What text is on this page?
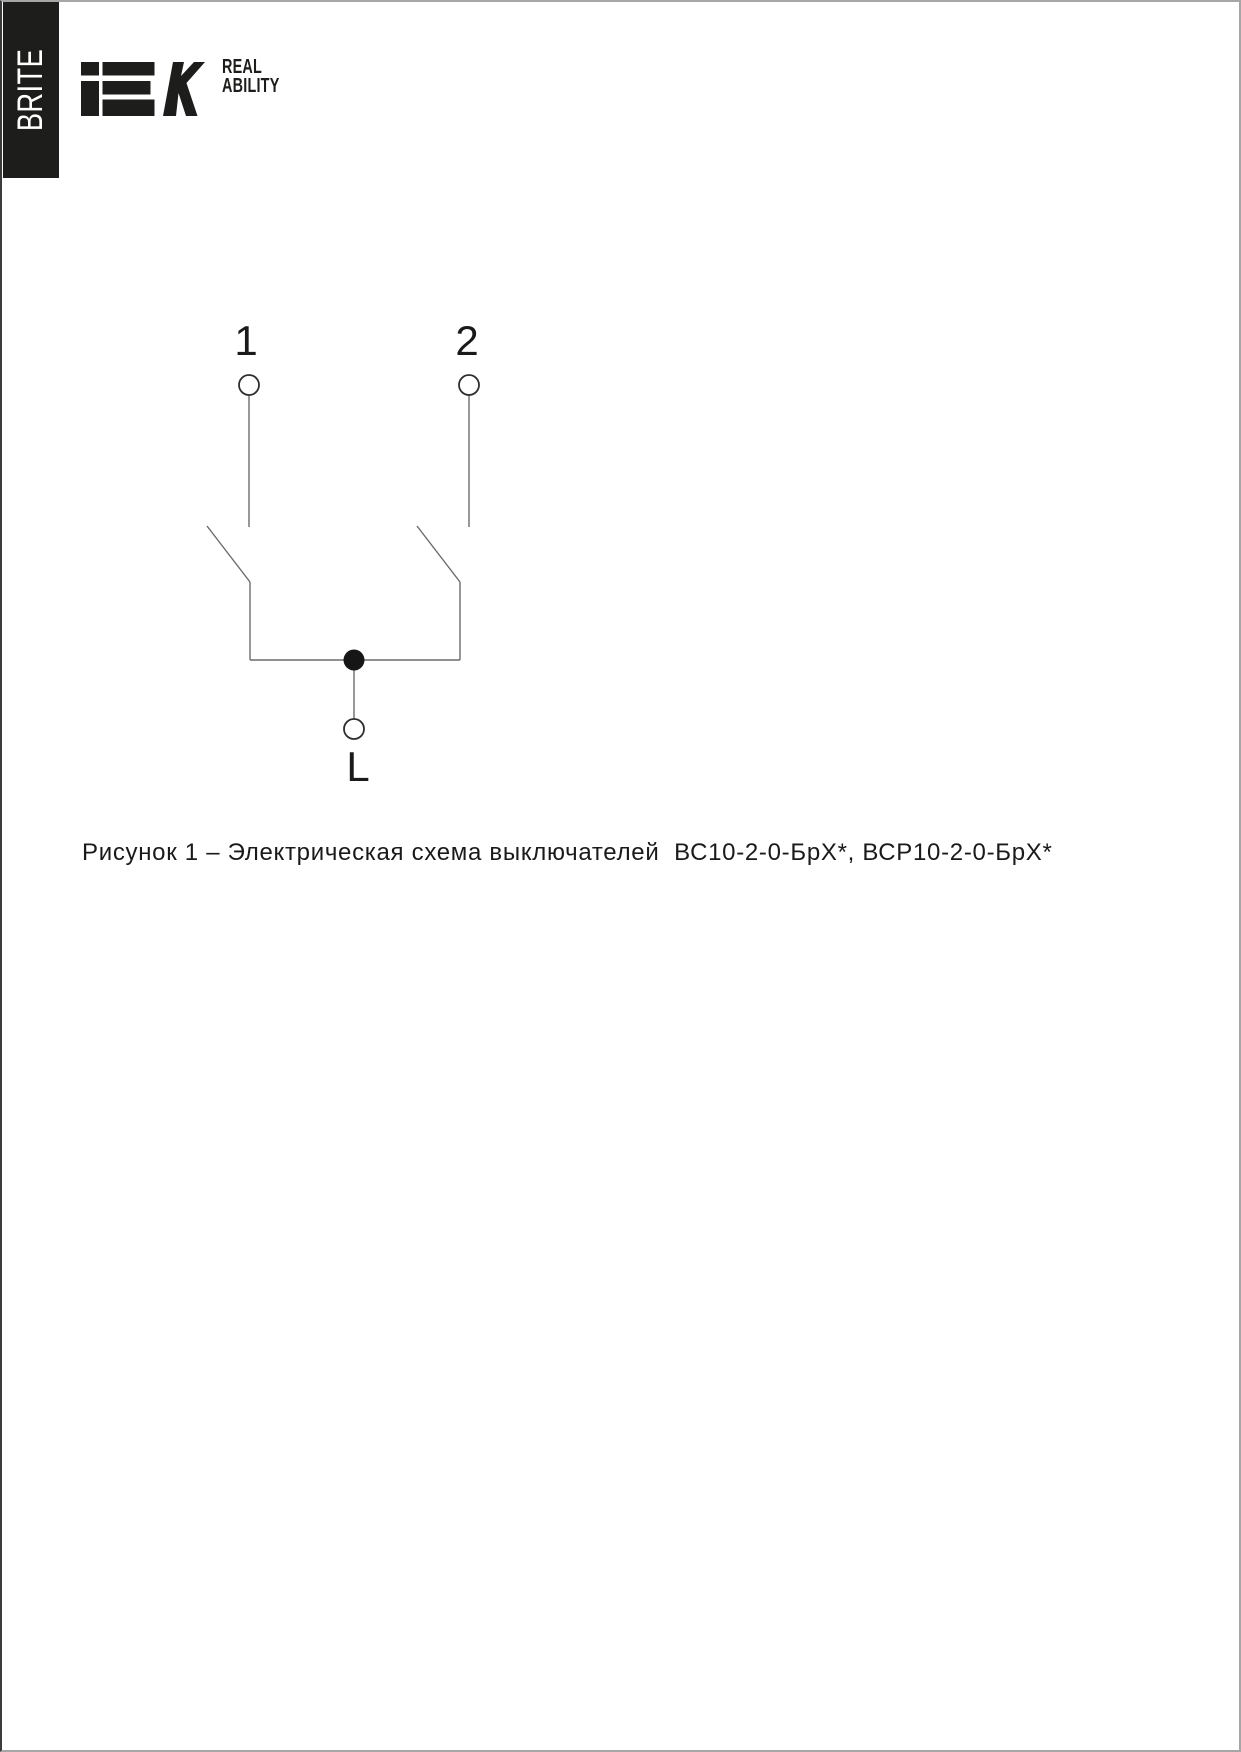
BRITE	REAL
ABILITY
1	2
L
Рисунок 1 – Электрическая схема выключателей  ВС10-2-0-БрХ*, ВСР10-2-0-БрХ*
